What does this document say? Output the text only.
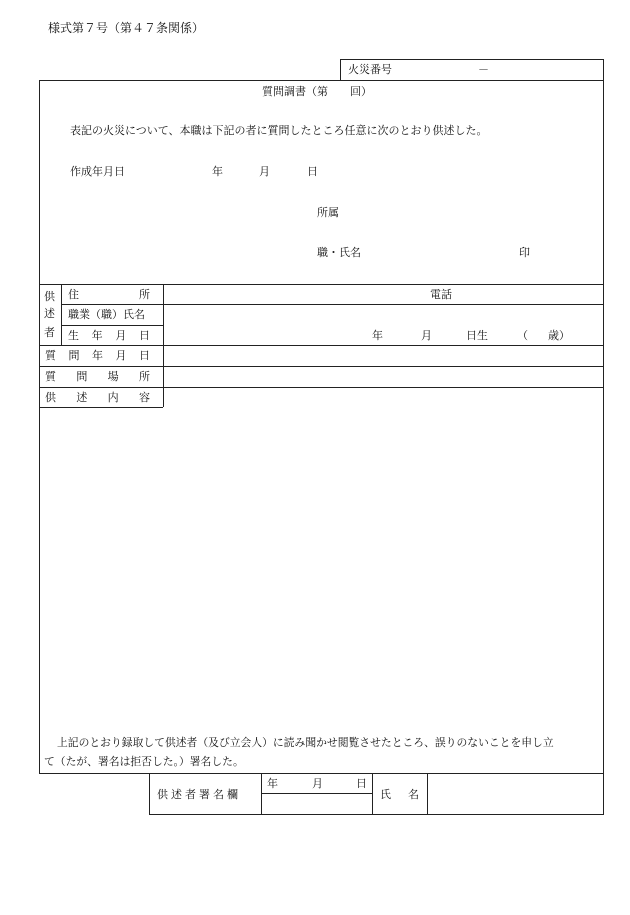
様式第７号（第４７条関係）
火災番号	－
質問調書（第　　回）
表記の火災について、本職は下記の者に質問したところ任意に次のとおり供述した。
作成年月日	年	月	日
所属
職・氏名	印
供
述
者
住	所	電話
職業（職）氏名
生 年 月 日	年	月	日生	（ 歳）
質 問 年 月 日
質 問 場 所
供 述 内 容
上記のとおり録取して供述者（及び立会人）に読み聞かせ閲覧させたところ、誤りのないことを申し立
て（たが、署名は拒否した。）署名した。
供述者署名欄
年	月	日
氏 名
